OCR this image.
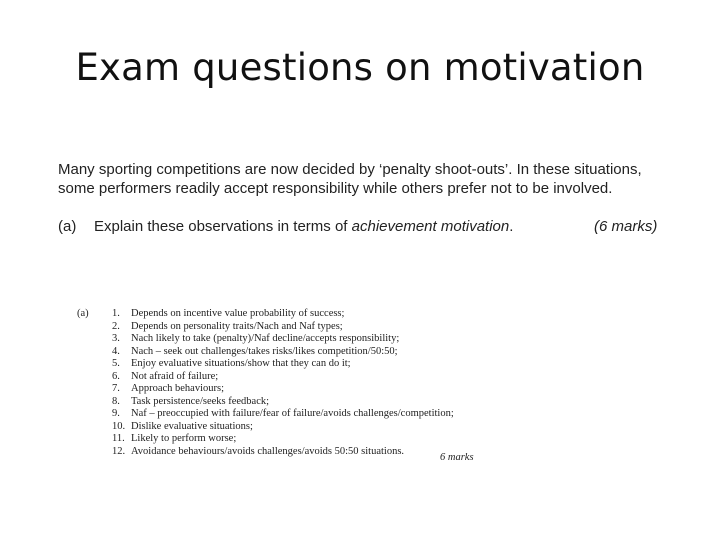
Exam questions on motivation

Many sporting competitions are now decided by ‘penalty shoot-outs’. In these situations, some performers readily accept responsibility while others prefer not to be involved.

(a) Explain these observations in terms of achievement motivation.	(6 marks)
(a) 1. Depends on incentive value probability of success;
2. Depends on personality traits/Nach and Naf types;
3. Nach likely to take (penalty)/Naf decline/accepts responsibility;
4. Nach – seek out challenges/takes risks/likes competition/50:50;
5. Enjoy evaluative situations/show that they can do it;
6. Not afraid of failure;
7. Approach behaviours;
8. Task persistence/seeks feedback;
9. Naf – preoccupied with failure/fear of failure/avoids challenges/competition;
10. Dislike evaluative situations;
11. Likely to perform worse;
12. Avoidance behaviours/avoids challenges/avoids 50:50 situations.
6 marks
